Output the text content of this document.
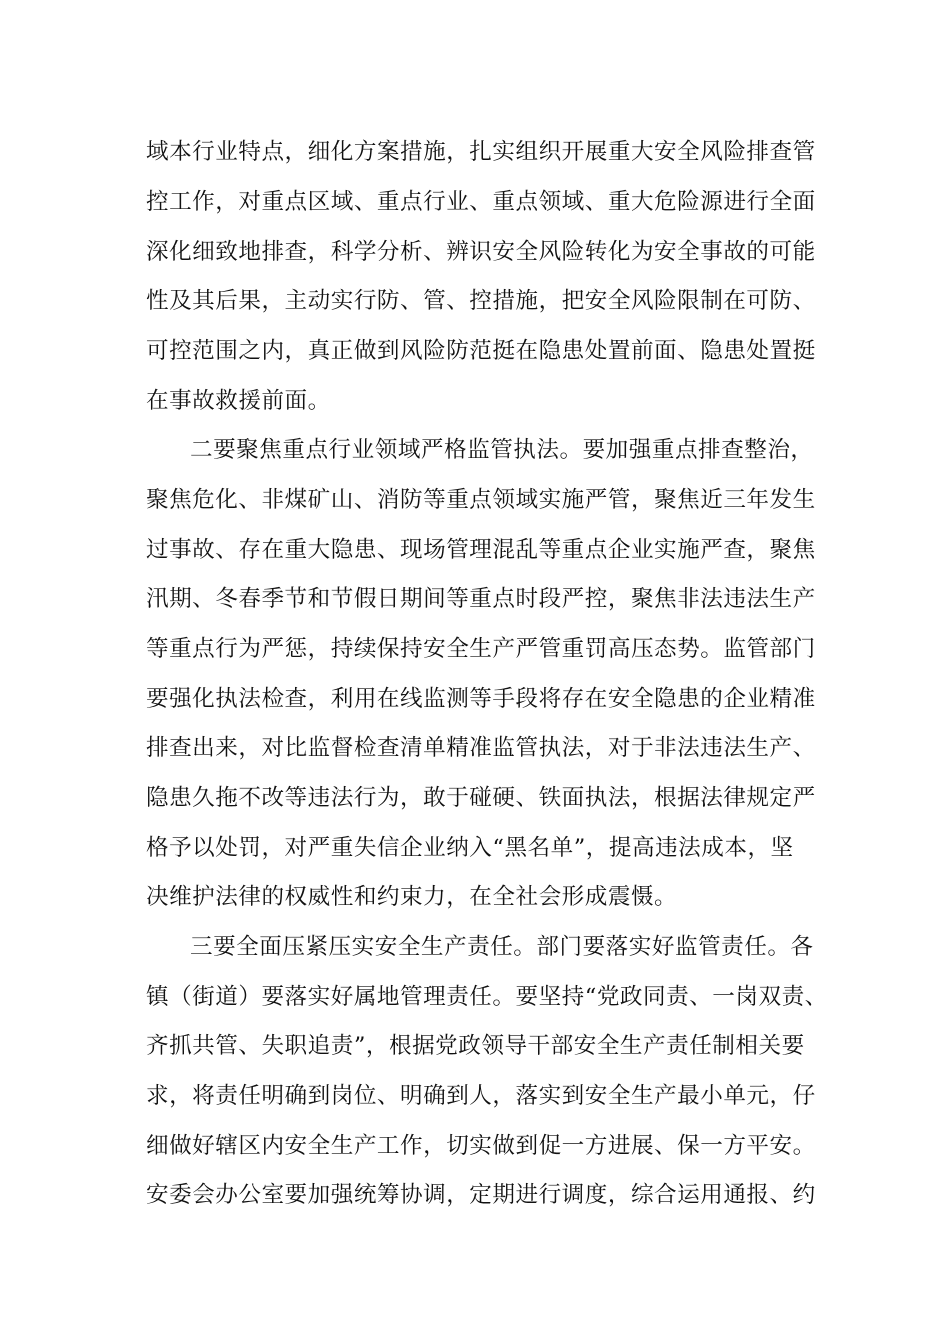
域本行业特点，细化方案措施，扎实组织开展重大安全风险排查管
控工作，对重点区域、重点行业、重点领域、重大危险源进行全面
深化细致地排查，科学分析、辨识安全风险转化为安全事故的可能
性及其后果，主动实行防、管、控措施，把安全风险限制在可防、
可控范围之内，真正做到风险防范挺在隐患处置前面、隐患处置挺
在事故救援前面。
二要聚焦重点行业领域严格监管执法。要加强重点排查整治，
聚焦危化、非煤矿山、消防等重点领域实施严管，聚焦近三年发生
过事故、存在重大隐患、现场管理混乱等重点企业实施严查，聚焦
汛期、冬春季节和节假日期间等重点时段严控，聚焦非法违法生产
等重点行为严惩，持续保持安全生产严管重罚高压态势。监管部门
要强化执法检查，利用在线监测等手段将存在安全隐患的企业精准
排查出来，对比监督检查清单精准监管执法，对于非法违法生产、
隐患久拖不改等违法行为，敢于碰硬、铁面执法，根据法律规定严
格予以处罚，对严重失信企业纳入“黑名单”，提高违法成本，坚
决维护法律的权威性和约束力，在全社会形成震慑。
三要全面压紧压实安全生产责任。部门要落实好监管责任。各
镇（街道）要落实好属地管理责任。要坚持“党政同责、一岗双责、
齐抓共管、失职追责”，根据党政领导干部安全生产责任制相关要
求，将责任明确到岗位、明确到人，落实到安全生产最小单元，仔
细做好辖区内安全生产工作，切实做到促一方进展、保一方平安。
安委会办公室要加强统筹协调，定期进行调度，综合运用通报、约
